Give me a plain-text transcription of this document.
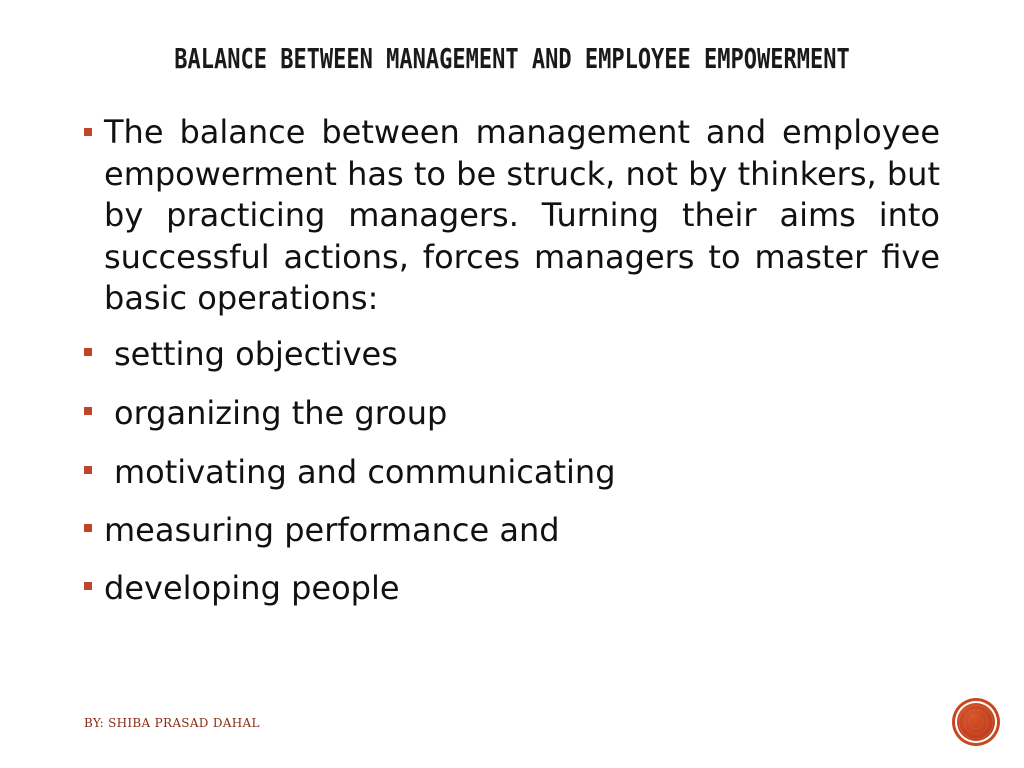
BALANCE BETWEEN MANAGEMENT AND EMPLOYEE EMPOWERMENT
The balance between management and employee empowerment has to be struck, not by thinkers, but by practicing managers. Turning their aims into successful actions, forces managers to master five basic operations:
setting objectives
organizing the group
motivating and communicating
measuring performance and
developing people
BY: SHIBA PRASAD DAHAL
